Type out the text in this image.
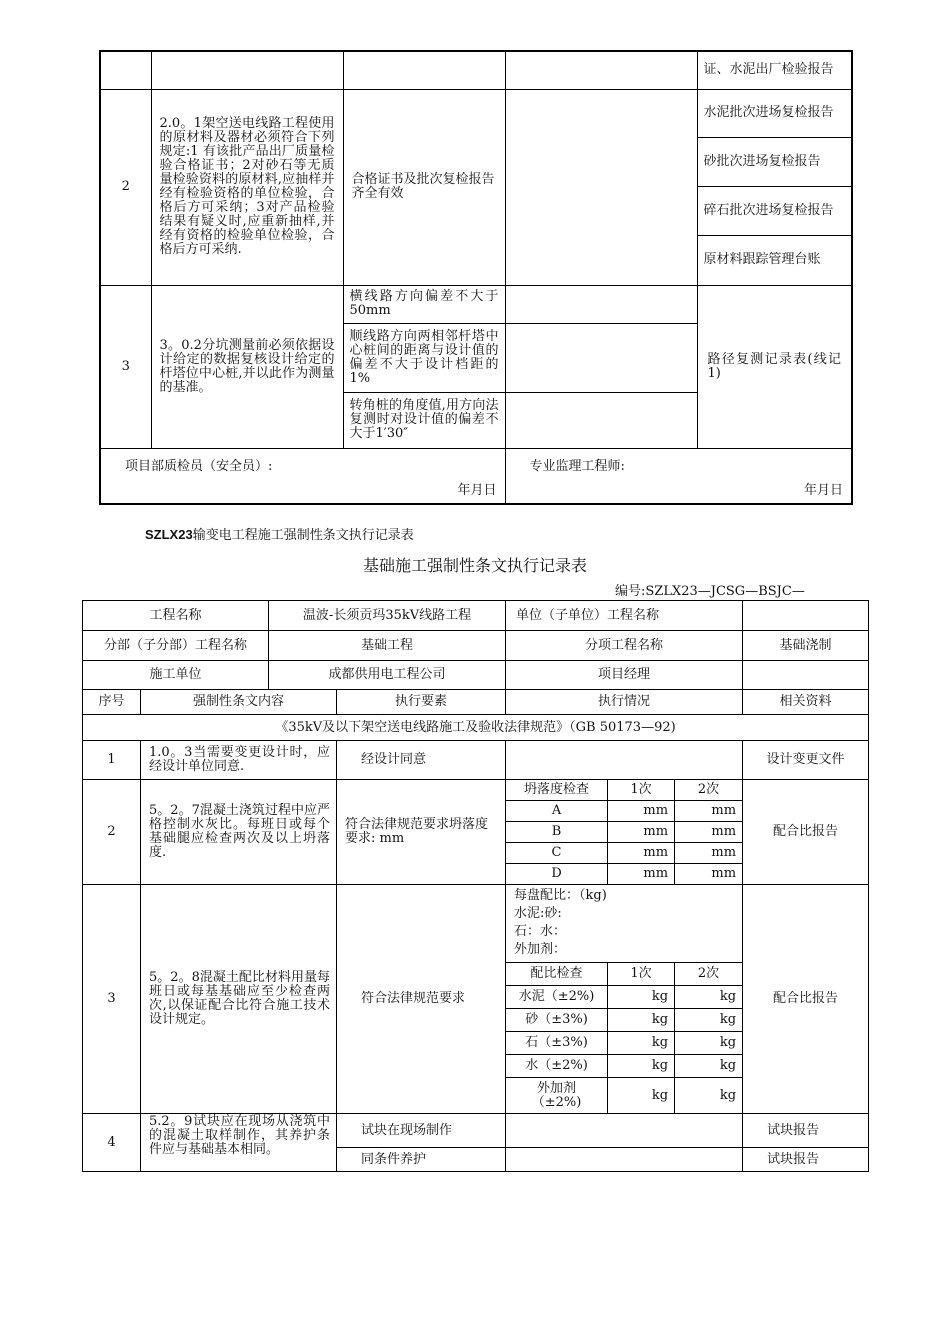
				证、水泥出厂检验报告
2	2.0。1架空送电线路工程使用的原材料及器材必须符合下列规定:1 有该批产品出厂质量检验合格证书；2对砂石等无质量检验资料的原材料,应抽样并经有检验资格的单位检验，合格后方可采纳；3对产品检验结果有疑义时,应重新抽样,并经有资格的检验单位检验，合格后方可采纳.	合格证书及批次复检报告齐全有效		水泥批次进场复检报告
				砂批次进场复检报告
				碎石批次进场复检报告
				原材料跟踪管理台账
3	3。0.2分坑测量前必须依据设计给定的数据复核设计给定的杆塔位中心桩,并以此作为测量的基准。	横线路方向偏差不大于50mm		路径复测记录表(线记1)
		顺线路方向两相邻杆塔中心桩间的距离与设计值的偏差不大于设计档距的1%		
		转角桩的角度值,用方向法复测时对设计值的偏差不大于1′30″		

项目部质检员（安全员）:
年月日			专业监理工程师:
年月日	
SZLX23输变电工程施工强制性条文执行记录表
基础施工强制性条文执行记录表
编号:SZLX23—JCSG—BSJC—
工程名称		温波-长须贡玛35kV线路工程		单位（子单位）工程名称			
分部（子分部）工程名称		基础工程		分项工程名称			基础浇制
施工单位		成都供用电工程公司		项目经理			
序号	强制性条文内容		执行要素	执行情况			相关资料
《35kV及以下架空送电线路施工及验收法律规范》（GB 50173—92)							
1	1.0。3当需要变更设计时，应经设计单位同意.		经设计同意				设计变更文件
2	5。2。7混凝土浇筑过程中应严格控制水灰比。每班日或每个基础腿应检查两次及以上坍落度.		符合法律规范要求坍落度要求: mm	坍落度检查	1次	2次	配合比报告
				A	mm	mm	
				B	mm	mm	
				C	mm	mm	
				D	mm	mm	
3	5。2。8混凝土配比材料用量每班日或每基基础应至少检查两次,以保证配合比符合施工技术设计规定。		符合法律规范要求	每盘配比：（kg)
水泥:砂:
石：水：
外加剂：			配合比报告
				配比检查	1次	2次	
				水泥（±2%)	kg	kg	
				砂（±3%)	kg	kg	
				石（±3%)	kg	kg	
				水（±2%)	kg	kg	
				外加剂（±2%)	kg	kg	
4	5.2。9试块应在现场从浇筑中的混凝土取样制作，其养护条件应与基础基本相同。		试块在现场制作				试块报告
			同条件养护				试块报告
